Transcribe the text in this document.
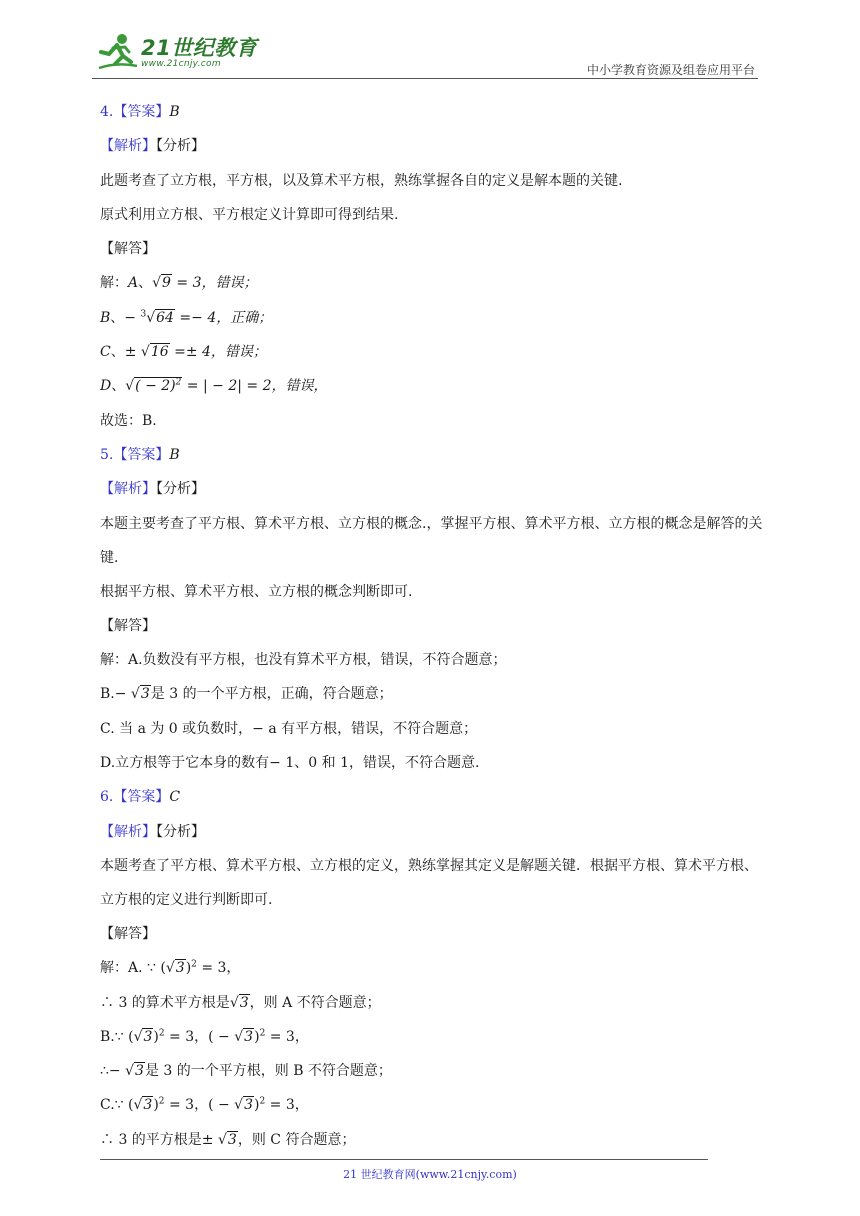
21世纪教育
www.21cnjy.com	中小学教育资源及组卷应用平台
4.【答案】B
【解析】【分析】
此题考查了立方根，平方根，以及算术平方根，熟练掌握各自的定义是解本题的关键.
原式利用立方根、平方根定义计算即可得到结果.
【解答】
解：A、√9 = 3，错误；
B、− $^3$√64 =− 4，正确；
C、± √16 =± 4，错误；
D、√( − 2)$^2$ = | − 2| = 2，错误，
故选：B.
5.【答案】B
【解析】【分析】
本题主要考查了平方根、算术平方根、立方根的概念.，掌握平方根、算术平方根、立方根的概念是解答的关键.
根据平方根、算术平方根、立方根的概念判断即可.
【解答】
解：A.负数没有平方根，也没有算术平方根，错误，不符合题意；
B.− √3是 3 的一个平方根，正确，符合题意；
C. 当 a 为 0 或负数时，− a 有平方根，错误，不符合题意；
D.立方根等于它本身的数有− 1、0 和 1，错误，不符合题意.
6.【答案】C
【解析】【分析】
本题考查了平方根、算术平方根、立方根的定义，熟练掌握其定义是解题关键．根据平方根、算术平方根、立方根的定义进行判断即可.
【解答】
解：A. ∵ $(√3)^2 = 3$，
∴ 3 的算术平方根是√3，则 A 不符合题意；
B.∵ $(√3)^2 = 3$，( − √3)$^2$ = 3，
∴− √3是 3 的一个平方根，则 B 不符合题意；
C.∵ $(√3)^2 = 3$，( − √3)$^2$ = 3，
∴ 3 的平方根是± √3，则 C 符合题意；
21 世纪教育网(www.21cnjy.com)
